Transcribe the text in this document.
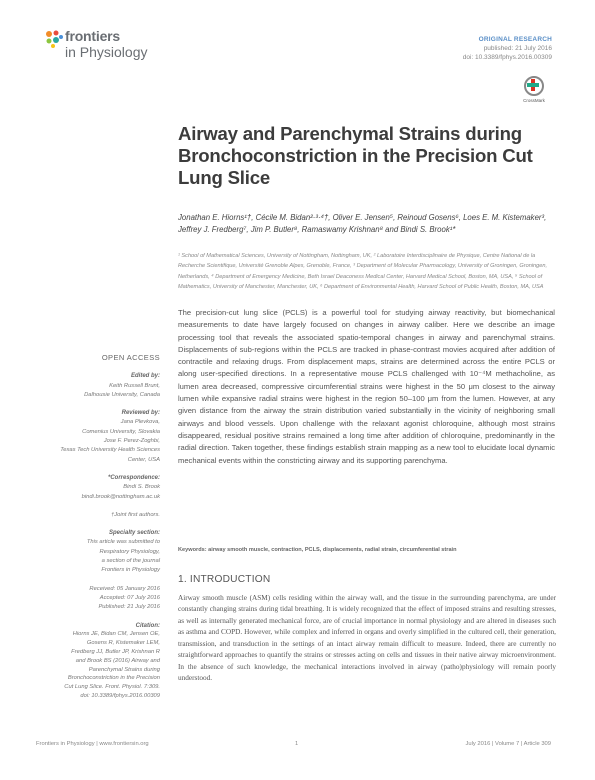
frontiers
in Physiology
ORIGINAL RESEARCH
published: 21 July 2016
doi: 10.3389/fphys.2016.00309
CrossMark
Airway and Parenchymal Strains during Bronchoconstriction in the Precision Cut Lung Slice
Jonathan E. Hiorns¹†, Cécile M. Bidan²·³·⁴†, Oliver E. Jensen⁵, Reinoud Gosens⁶, Loes E. M. Kistemaker³, Jeffrey J. Fredberg⁷, Jim P. Butler⁸, Ramaswamy Krishnan⁸ and Bindi S. Brook¹*
¹ School of Mathematical Sciences, University of Nottingham, Nottingham, UK, ² Laboratoire Interdisciplinaire de Physique, Centre National de la Recherche Scientifique, Université Grenoble Alpes, Grenoble, France, ³ Department of Molecular Pharmacology, University of Groningen, Groningen, Netherlands, ⁴ Department of Emergency Medicine, Beth Israel Deaconess Medical Center, Harvard Medical School, Boston, MA, USA, ⁵ School of Mathematics, University of Manchester, Manchester, UK, ⁶ Department of Environmental Health, Harvard School of Public Health, Boston, MA, USA
The precision-cut lung slice (PCLS) is a powerful tool for studying airway reactivity, but biomechanical measurements to date have largely focused on changes in airway caliber. Here we describe an image processing tool that reveals the associated spatio-temporal changes in airway and parenchymal strains. Displacements of sub-regions within the PCLS are tracked in phase-contrast movies acquired after addition of contractile and relaxing drugs. From displacement maps, strains are determined across the entire PCLS or along user-specified directions. In a representative mouse PCLS challenged with 10⁻⁴M methacholine, as lumen area decreased, compressive circumferential strains were highest in the 50 μm closest to the airway lumen while expansive radial strains were highest in the region 50–100 μm from the lumen. However, at any given distance from the airway the strain distribution varied substantially in the vicinity of neighboring small airways and blood vessels. Upon challenge with the relaxant agonist chloroquine, although most strains disappeared, residual positive strains remained a long time after addition of chloroquine, predominantly in the radial direction. Taken together, these findings establish strain mapping as a new tool to elucidate local dynamic mechanical events within the constricting airway and its supporting parenchyma.
Keywords: airway smooth muscle, contraction, PCLS, displacements, radial strain, circumferential strain
1. INTRODUCTION
Airway smooth muscle (ASM) cells residing within the airway wall, and the tissue in the surrounding parenchyma, are under constantly changing strains during tidal breathing. It is widely recognized that the effect of imposed strains and resulting stresses, as well as internally generated mechanical force, are of crucial importance in normal physiology and are altered in diseases such as asthma and COPD. However, while complex and inferred in organs and overly simplified in the cultured cell, their generation, transmission, and transduction in the settings of an intact airway remain difficult to measure. Indeed, there are currently no straightforward approaches to quantify the strains or stresses acting on cells and tissues in their native airway microenvironment. In the absence of such knowledge, the mechanical interactions involved in airway (patho)physiology will remain poorly understood.
OPEN ACCESS
Edited by:
Keith Russell Brunt,
Dalhousie University, Canada
Reviewed by:
Jana Plevkova,
Comenius University, Slovakia
Jose F. Perez-Zoghbi,
Texas Tech University Health Sciences
Center, USA
*Correspondence:
Bindi S. Brook
bindi.brook@nottingham.ac.uk
†Joint first authors.
Specialty section:
This article was submitted to
Respiratory Physiology,
a section of the journal
Frontiers in Physiology
Received: 05 January 2016
Accepted: 07 July 2016
Published: 21 July 2016
Citation:
Hiorns JE, Bidan CM, Jensen OE,
Gosens R, Kistemaker LEM,
Fredberg JJ, Butler JP, Krishnan R
and Brook BS (2016) Airway and
Parenchymal Strains during
Bronchoconstriction in the Precision
Cut Lung Slice. Front. Physiol. 7:309.
doi: 10.3389/fphys.2016.00309
Frontiers in Physiology | www.frontiersin.org	1	July 2016 | Volume 7 | Article 309
